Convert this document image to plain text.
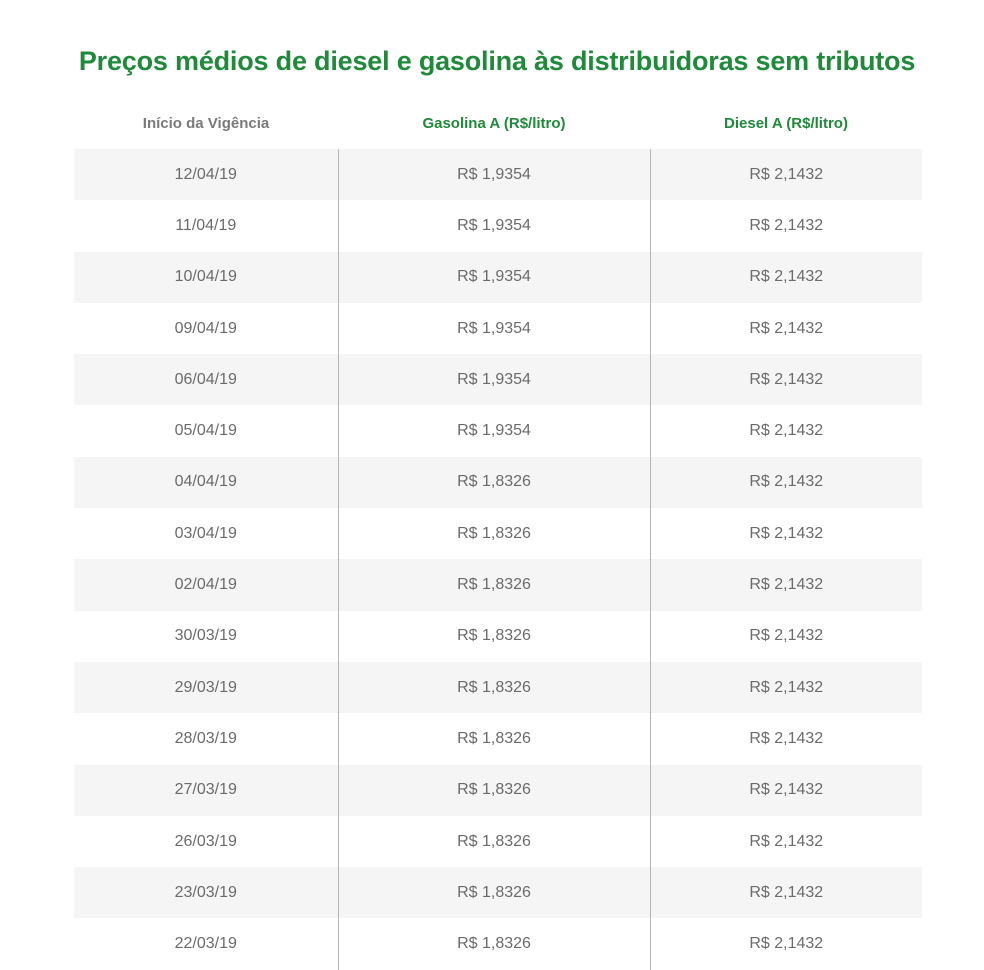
Preços médios de diesel e gasolina às distribuidoras sem tributos
Início da Vigência	Gasolina A (R$/litro)	Diesel A (R$/litro)
12/04/19	R$ 1,9354	R$ 2,1432
11/04/19	R$ 1,9354	R$ 2,1432
10/04/19	R$ 1,9354	R$ 2,1432
09/04/19	R$ 1,9354	R$ 2,1432
06/04/19	R$ 1,9354	R$ 2,1432
05/04/19	R$ 1,9354	R$ 2,1432
04/04/19	R$ 1,8326	R$ 2,1432
03/04/19	R$ 1,8326	R$ 2,1432
02/04/19	R$ 1,8326	R$ 2,1432
30/03/19	R$ 1,8326	R$ 2,1432
29/03/19	R$ 1,8326	R$ 2,1432
28/03/19	R$ 1,8326	R$ 2,1432
27/03/19	R$ 1,8326	R$ 2,1432
26/03/19	R$ 1,8326	R$ 2,1432
23/03/19	R$ 1,8326	R$ 2,1432
22/03/19	R$ 1,8326	R$ 2,1432
